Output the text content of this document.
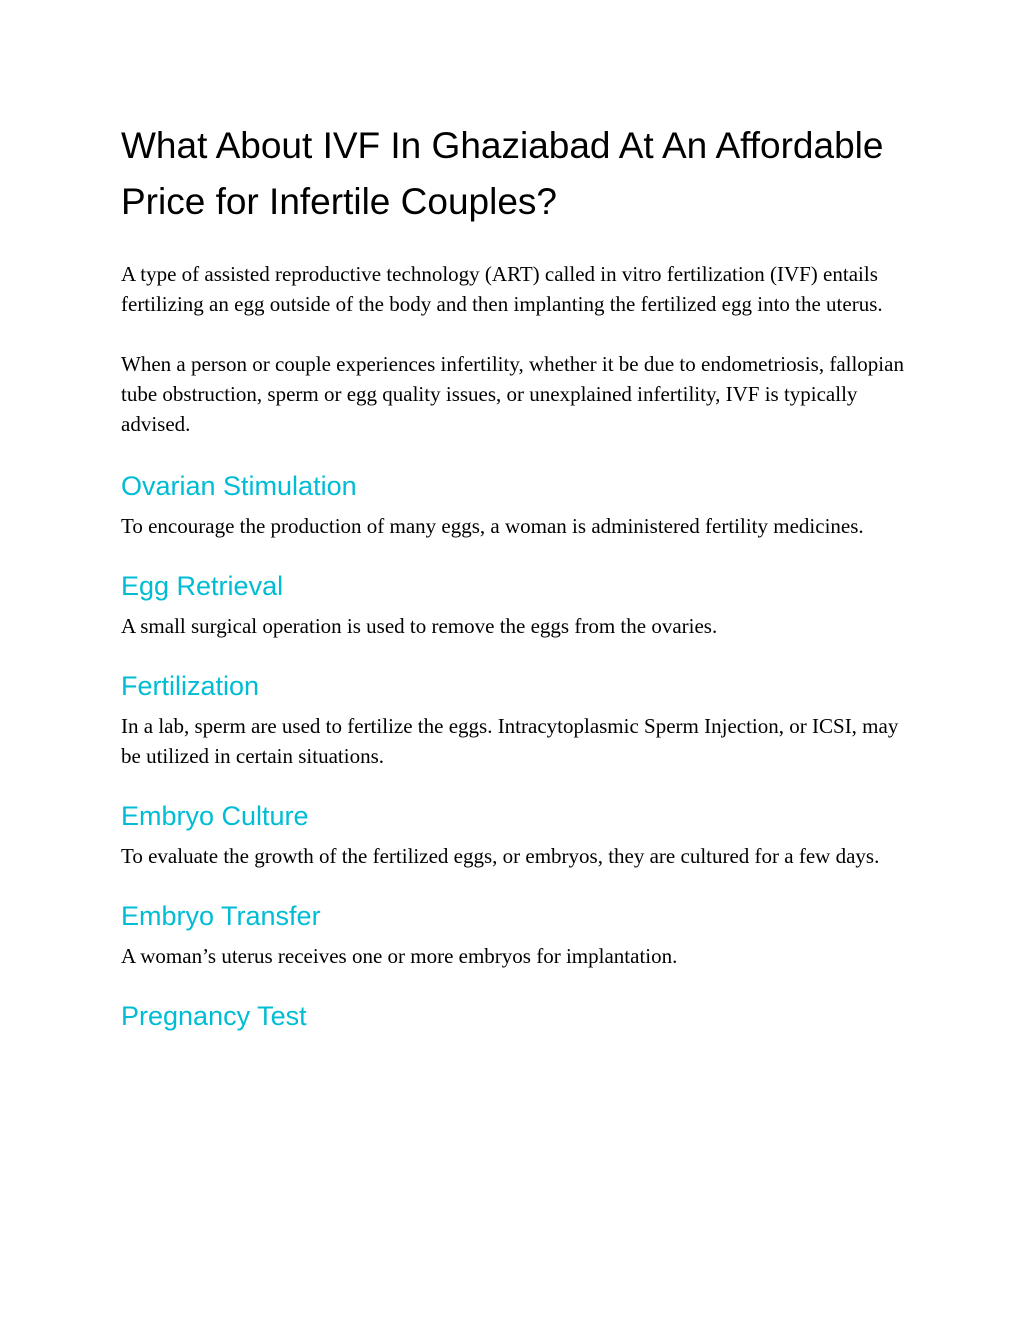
What About IVF In Ghaziabad At An Affordable Price for Infertile Couples?

A type of assisted reproductive technology (ART) called in vitro fertilization (IVF) entails fertilizing an egg outside of the body and then implanting the fertilized egg into the uterus.

When a person or couple experiences infertility, whether it be due to endometriosis, fallopian tube obstruction, sperm or egg quality issues, or unexplained infertility, IVF is typically advised.

Ovarian Stimulation

To encourage the production of many eggs, a woman is administered fertility medicines.

Egg Retrieval

A small surgical operation is used to remove the eggs from the ovaries.

Fertilization

In a lab, sperm are used to fertilize the eggs. Intracytoplasmic Sperm Injection, or ICSI, may be utilized in certain situations.

Embryo Culture

To evaluate the growth of the fertilized eggs, or embryos, they are cultured for a few days.

Embryo Transfer

A woman’s uterus receives one or more embryos for implantation.

Pregnancy Test
